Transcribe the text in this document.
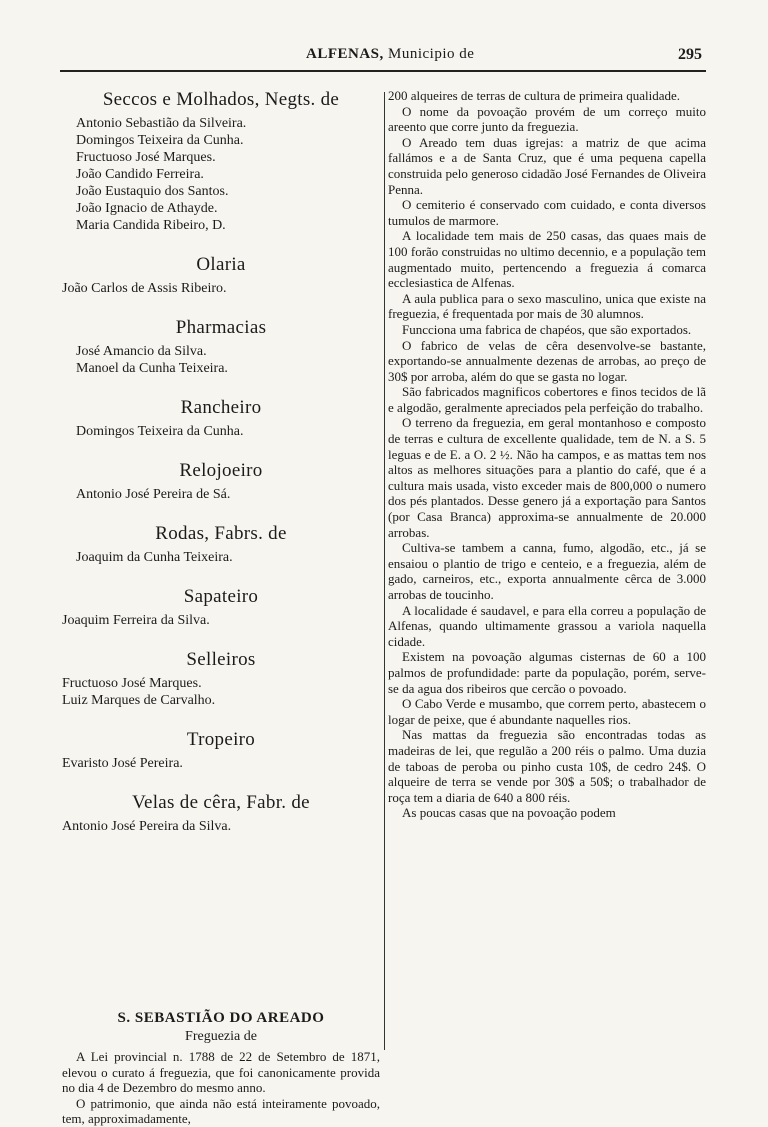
ALFENAS, Municipio de	295
Seccos e Molhados, Negts. de
Antonio Sebastião da Silveira.
Domingos Teixeira da Cunha.
Fructuoso José Marques.
João Candido Ferreira.
João Eustaquio dos Santos.
João Ignacio de Athayde.
Maria Candida Ribeiro, D.
Olaria
João Carlos de Assis Ribeiro.
Pharmacias
José Amancio da Silva.
Manoel da Cunha Teixeira.
Rancheiro
Domingos Teixeira da Cunha.
Relojoeiro
Antonio José Pereira de Sá.
Rodas, Fabrs. de
Joaquim da Cunha Teixeira.
Sapateiro
Joaquim Ferreira da Silva.
Selleiros
Fructuoso José Marques.
Luiz Marques de Carvalho.
Tropeiro
Evaristo José Pereira.
Velas de cêra, Fabr. de
Antonio José Pereira da Silva.
S. SEBASTIÃO DO AREADO
Freguezia de

A Lei provincial n. 1788 de 22 de Setembro de 1871, elevou o curato á freguezia, que foi canonicamente provida no dia 4 de Dezembro do mesmo anno.

O patrimonio, que ainda não está inteiramente povoado, tem, approximadamente,

200 alqueires de terras de cultura de primeira qualidade.

O nome da povoação provém de um correço muito areento que corre junto da freguezia.

O Areado tem duas igrejas: a matriz de que acima fallámos e a de Santa Cruz, que é uma pequena capella construida pelo generoso cidadão José Fernandes de Oliveira Penna.

O cemiterio é conservado com cuidado, e conta diversos tumulos de marmore.

A localidade tem mais de 250 casas, das quaes mais de 100 forão construidas no ultimo decennio, e a população tem augmentado muito, pertencendo a freguezia á comarca ecclesiastica de Alfenas.

A aula publica para o sexo masculino, unica que existe na freguezia, é frequentada por mais de 30 alumnos.

Funcciona uma fabrica de chapéos, que são exportados.

O fabrico de velas de cêra desenvolve-se bastante, exportando-se annualmente dezenas de arrobas, ao preço de 30$ por arroba, além do que se gasta no logar.

São fabricados magnificos cobertores e finos tecidos de lã e algodão, geralmente apreciados pela perfeição do trabalho.

O terreno da freguezia, em geral montanhoso e composto de terras e cultura de excellente qualidade, tem de N. a S. 5 leguas e de E. a O. 2 ½. Não ha campos, e as mattas tem nos altos as melhores situações para a plantio do café, que é a cultura mais usada, visto exceder mais de 800,000 o numero dos pés plantados. Desse genero já a exportação para Santos (por Casa Branca) approxima-se annualmente de 20.000 arrobas.

Cultiva-se tambem a canna, fumo, algodão, etc., já se ensaiou o plantio de trigo e centeio, e a freguezia, além de gado, carneiros, etc., exporta annualmente cêrca de 3.000 arrobas de toucinho.

A localidade é saudavel, e para ella correu a população de Alfenas, quando ultimamente grassou a variola naquella cidade.

Existem na povoação algumas cisternas de 60 a 100 palmos de profundidade: parte da população, porém, serve-se da agua dos ribeiros que cercão o povoado.

O Cabo Verde e musambo, que correm perto, abastecem o logar de peixe, que é abundante naquelles rios.

Nas mattas da freguezia são encontradas todas as madeiras de lei, que regulão a 200 réis o palmo. Uma duzia de taboas de peroba ou pinho custa 10$, de cedro 24$. O alqueire de terra se vende por 30$ a 50$; o trabalhador de roça tem a diaria de 640 a 800 réis.

As poucas casas que na povoação podem
